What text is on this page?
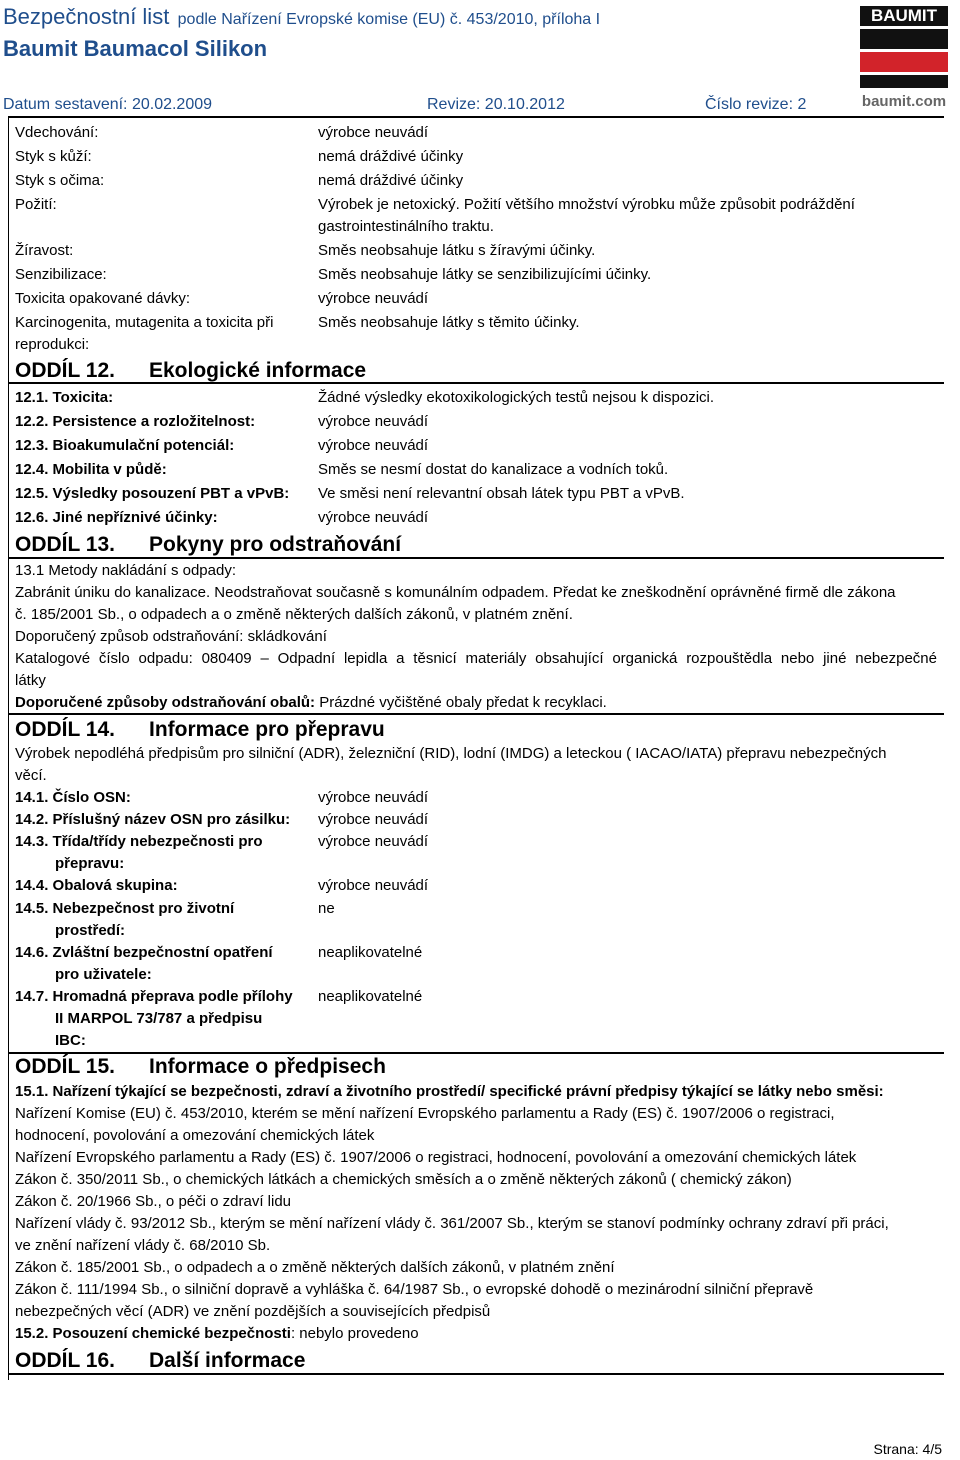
Bezpečnostní list podle Nařízení Evropské komise (EU) č. 453/2010, příloha I
Baumit Baumacol Silikon
Datum sestavení: 20.02.2009	Revize: 20.10.2012	Číslo revize: 2
BAUMIT
baumit.com
Vdechování:	výrobce neuvádí
Styk s kůží:	nemá dráždivé účinky
Styk s očima:	nemá dráždivé účinky
Požití:	Výrobek je netoxický. Požití většího množství výrobku může způsobit podráždění
gastrointestinálního traktu.
Žíravost:	Směs neobsahuje látku s žíravými účinky.
Senzibilizace:	Směs neobsahuje látky se senzibilizujícími účinky.
Toxicita opakované dávky:	výrobce neuvádí
Karcinogenita, mutagenita a toxicita při
reprodukci:
Směs neobsahuje látky s těmito účinky.
ODDÍL 12. Ekologické informace
12.1. Toxicita:	Žádné výsledky ekotoxikologických testů nejsou k dispozici.
12.2. Persistence a rozložitelnost:	výrobce neuvádí
12.3. Bioakumulační potenciál:	výrobce neuvádí
12.4. Mobilita v půdě:	Směs se nesmí dostat do kanalizace a vodních toků.
12.5. Výsledky posouzení PBT a vPvB: Ve směsi není relevantní obsah látek typu PBT a vPvB.
12.6. Jiné nepříznivé účinky:	výrobce neuvádí
ODDÍL 13. Pokyny pro odstraňování
13.1 Metody nakládání s odpady:
Zabránit úniku do kanalizace. Neodstraňovat současně s komunálním odpadem. Předat ke zneškodnění oprávněné firmě dle zákona
č. 185/2001 Sb., o odpadech a o změně některých dalších zákonů, v platném znění.
Doporučený způsob odstraňování: skládkování
Katalogové číslo odpadu: 080409 – Odpadní lepidla a těsnicí materiály obsahující organická rozpouštědla nebo jiné nebezpečné
látky
Doporučené způsoby odstraňování obalů: Prázdné vyčištěné obaly předat k recyklaci.
ODDÍL 14. Informace pro přepravu
Výrobek nepodléhá předpisům pro silniční (ADR), železniční (RID), lodní (IMDG) a leteckou ( IACAO/IATA) přepravu nebezpečných
věcí.
14.1. Číslo OSN:	výrobce neuvádí
14.2. Příslušný název OSN pro zásilku: výrobce neuvádí
14.3. Třída/třídy nebezpečnosti pro
přepravu:
výrobce neuvádí
14.4. Obalová skupina:	výrobce neuvádí
14.5. Nebezpečnost pro životní
prostředí:
ne
14.6. Zvláštní bezpečnostní opatření
pro uživatele:
neaplikovatelné
14.7. Hromadná přeprava podle přílohy
II MARPOL 73/787 a předpisu
IBC:
neaplikovatelné
ODDÍL 15. Informace o předpisech
15.1. Nařízení týkající se bezpečnosti, zdraví a životního prostředí/ specifické právní předpisy týkající se látky nebo směsi:
Nařízení Komise (EU) č. 453/2010, kterém se mění nařízení Evropského parlamentu a Rady (ES) č. 1907/2006 o registraci,
hodnocení, povolování a omezování chemických látek
Nařízení Evropského parlamentu a Rady (ES) č. 1907/2006 o registraci, hodnocení, povolování a omezování chemických látek
Zákon č. 350/2011 Sb., o chemických látkách a chemických směsích a o změně některých zákonů ( chemický zákon)
Zákon č. 20/1966 Sb., o péči o zdraví lidu
Nařízení vlády č. 93/2012 Sb., kterým se mění nařízení vlády č. 361/2007 Sb., kterým se stanoví podmínky ochrany zdraví při práci,
ve znění nařízení vlády č. 68/2010 Sb.
Zákon č. 185/2001 Sb., o odpadech a o změně některých dalších zákonů, v platném znění
Zákon č. 111/1994 Sb., o silniční dopravě a vyhláška č. 64/1987 Sb., o evropské dohodě o mezinárodní silniční přepravě
nebezpečných věcí (ADR) ve znění pozdějších a souvisejících předpisů
15.2. Posouzení chemické bezpečnosti: nebylo provedeno
ODDÍL 16. Další informace
Strana: 4/5
